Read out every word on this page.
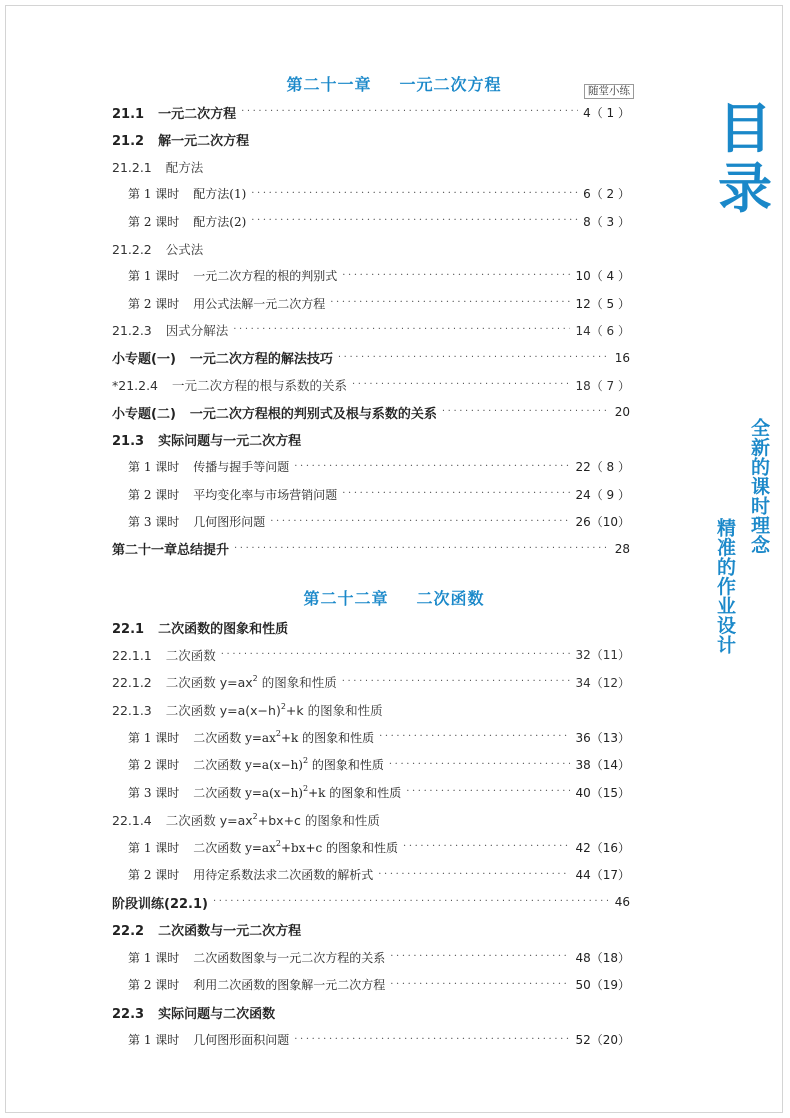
第二十一章 一元二次方程	随堂小练
第二十二章 二次函数
21.1 一元二次方程 ·····	4（ 1 ）
21.2 解一元二次方程
21.2.1 配方法
第 1 课时 配方法(1) ·····	6（ 2 ）
第 2 课时 配方法(2) ·····	8（ 3 ）
21.2.2 公式法
第 1 课时 一元二次方程的根的判别式 ·····	10（ 4 ）
第 2 课时 用公式法解一元二次方程 ·····	12（ 5 ）
21.2.3 因式分解法 ·····	14（ 6 ）
小专题(一) 一元二次方程的解法技巧 ·····	16
*21.2.4 一元二次方程的根与系数的关系 ·····	18（ 7 ）
小专题(二) 一元二次方程根的判别式及根与系数的关系 ·····	20
21.3 实际问题与一元二次方程
第 1 课时 传播与握手等问题 ·····	22（ 8 ）
第 2 课时 平均变化率与市场营销问题 ·····	24（ 9 ）
第 3 课时 几何图形问题 ·····	26（10）
第二十一章总结提升 ·····	28
22.1 二次函数的图象和性质
22.1.1 二次函数 ·····	32（11）
22.1.2 二次函数 $y=ax^2$ 的图象和性质 ·····	34（12）
22.1.3 二次函数 $y=a(x-h)^2+k$ 的图象和性质
第 1 课时 二次函数 $y=ax^2+k$ 的图象和性质 ·····	36（13）
第 2 课时 二次函数 $y=a(x-h)^2$ 的图象和性质 ·····	38（14）
第 3 课时 二次函数 $y=a(x-h)^2+k$ 的图象和性质 ·····	40（15）
22.1.4 二次函数 $y=ax^2+bx+c$ 的图象和性质
第 1 课时 二次函数 $y=ax^2+bx+c$ 的图象和性质 ·····	42（16）
第 2 课时 用待定系数法求二次函数的解析式 ·····	44（17）
阶段训练(22.1) ·····	46
22.2 二次函数与一元二次方程
第 1 课时 二次函数图象与一元二次方程的关系 ·····	48（18）
第 2 课时 利用二次函数的图象解一元二次方程 ·····	50（19）
22.3 实际问题与二次函数
第 1 课时 几何图形面积问题 ·····	52（20）
目
录
全新的课时理念
精准的作业设计
